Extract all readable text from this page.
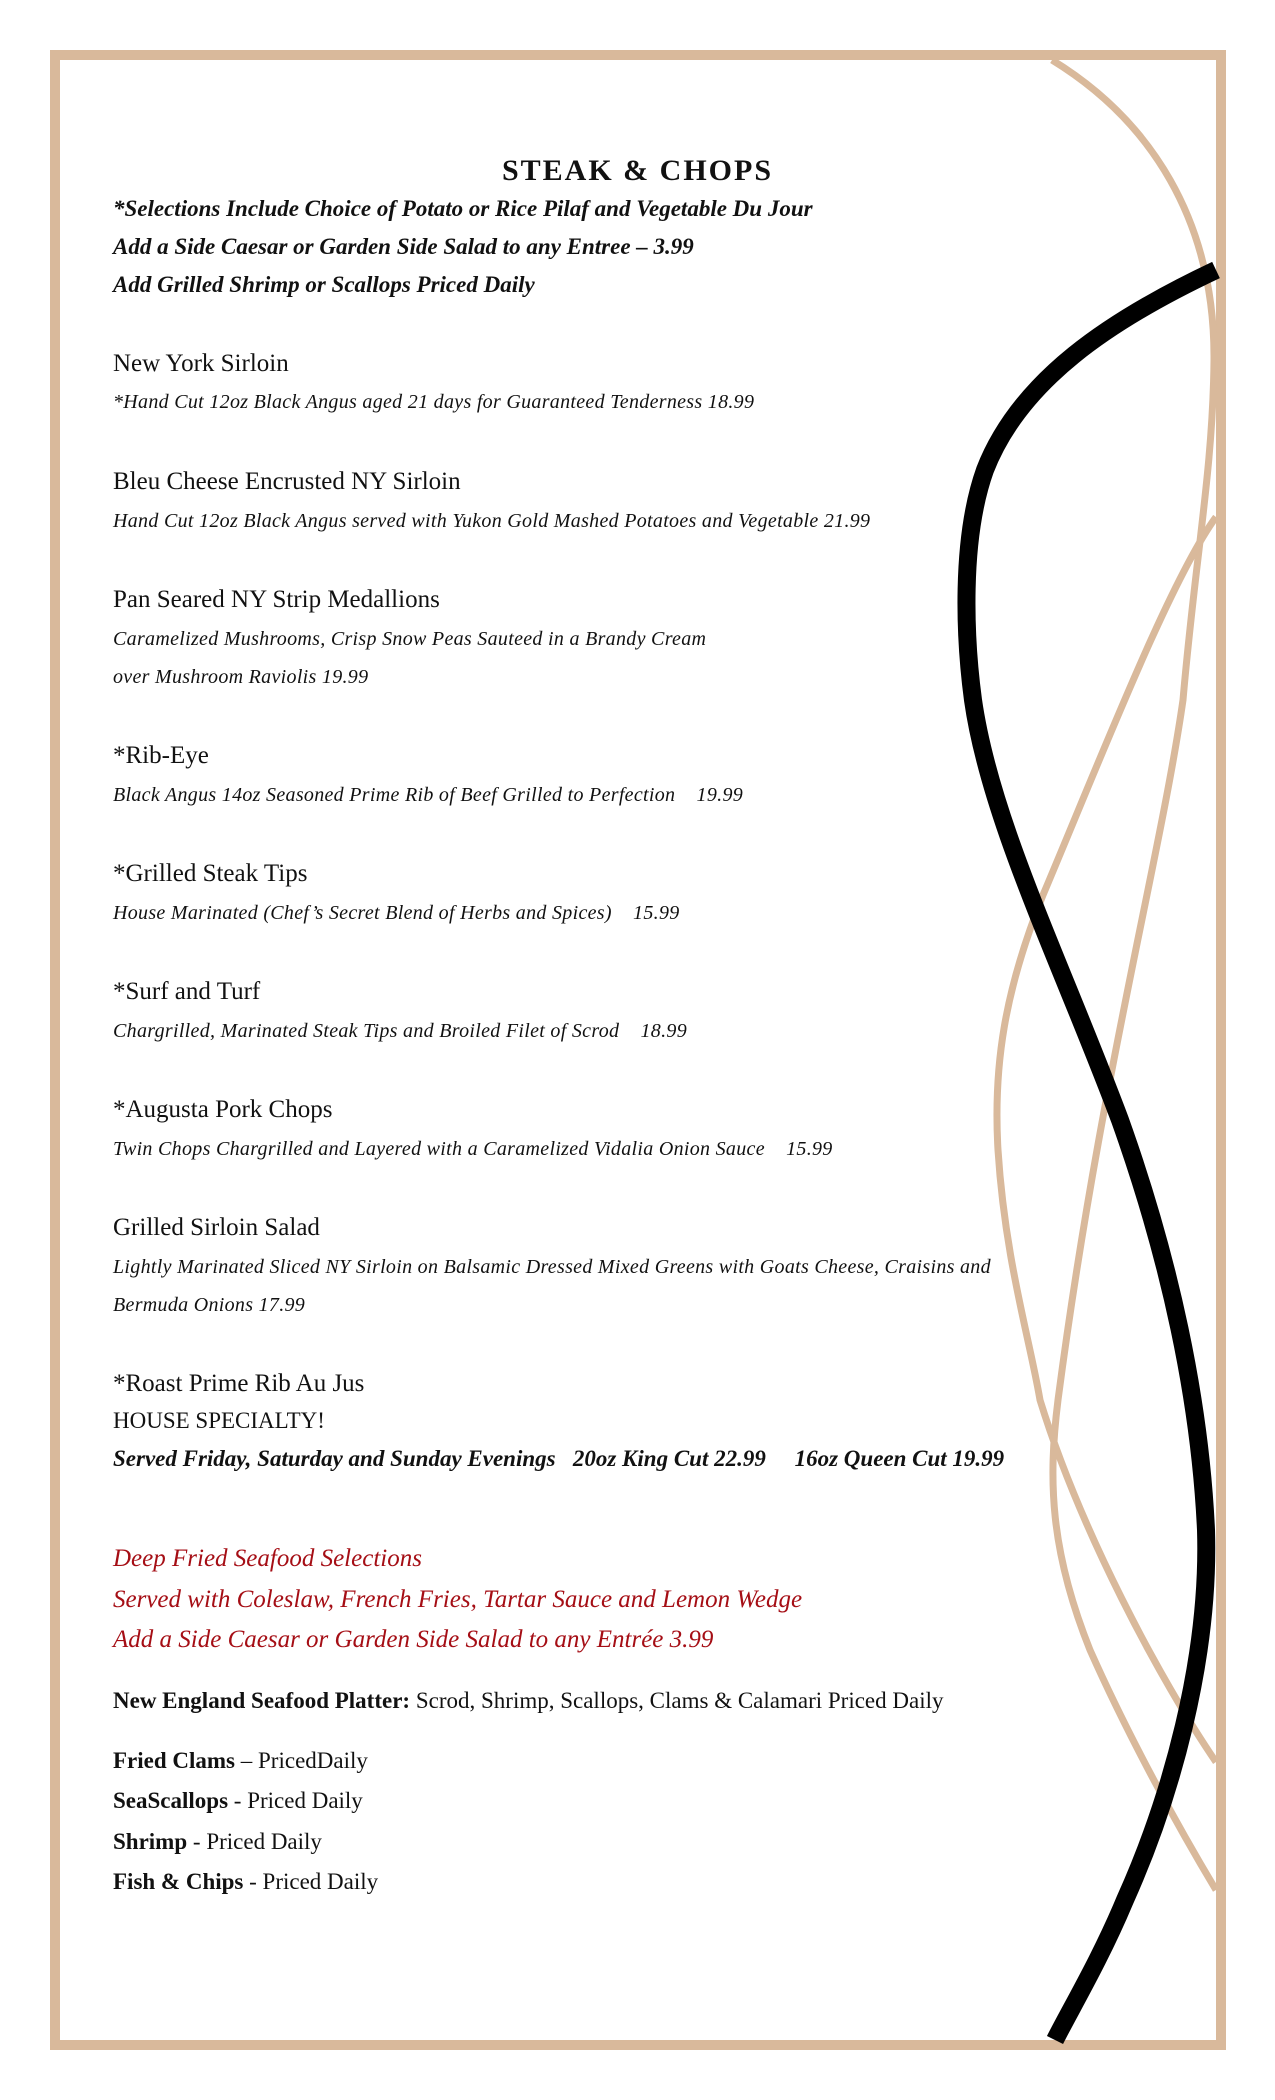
STEAK & CHOPS
*Selections Include Choice of Potato or Rice Pilaf and Vegetable Du Jour
Add a Side Caesar or Garden Side Salad to any Entree – 3.99
Add Grilled Shrimp or Scallops Priced Daily
New York Sirloin
*Hand Cut 12oz Black Angus aged 21 days for Guaranteed Tenderness 18.99
Bleu Cheese Encrusted NY Sirloin
Hand Cut 12oz Black Angus served with Yukon Gold Mashed Potatoes and Vegetable 21.99
Pan Seared NY Strip Medallions
Caramelized Mushrooms, Crisp Snow Peas Sauteed in a Brandy Cream
over Mushroom Raviolis 19.99
*Rib-Eye
Black Angus 14oz Seasoned Prime Rib of Beef Grilled to Perfection    19.99
*Grilled Steak Tips
House Marinated (Chef’s Secret Blend of Herbs and Spices)    15.99
*Surf and Turf
Chargrilled, Marinated Steak Tips and Broiled Filet of Scrod    18.99
*Augusta Pork Chops
Twin Chops Chargrilled and Layered with a Caramelized Vidalia Onion Sauce    15.99
Grilled Sirloin Salad
Lightly Marinated Sliced NY Sirloin on Balsamic Dressed Mixed Greens with Goats Cheese, Craisins and
Bermuda Onions 17.99
*Roast Prime Rib Au Jus
HOUSE SPECIALTY!
Served Friday, Saturday and Sunday Evenings   20oz King Cut 22.99     16oz Queen Cut 19.99
Deep Fried Seafood Selections
Served with Coleslaw, French Fries, Tartar Sauce and Lemon Wedge
Add a Side Caesar or Garden Side Salad to any Entrée 3.99
New England Seafood Platter: Scrod, Shrimp, Scallops, Clams & Calamari Priced Daily
Fried Clams – PricedDaily
SeaScallops - Priced Daily
Shrimp - Priced Daily
Fish & Chips - Priced Daily
